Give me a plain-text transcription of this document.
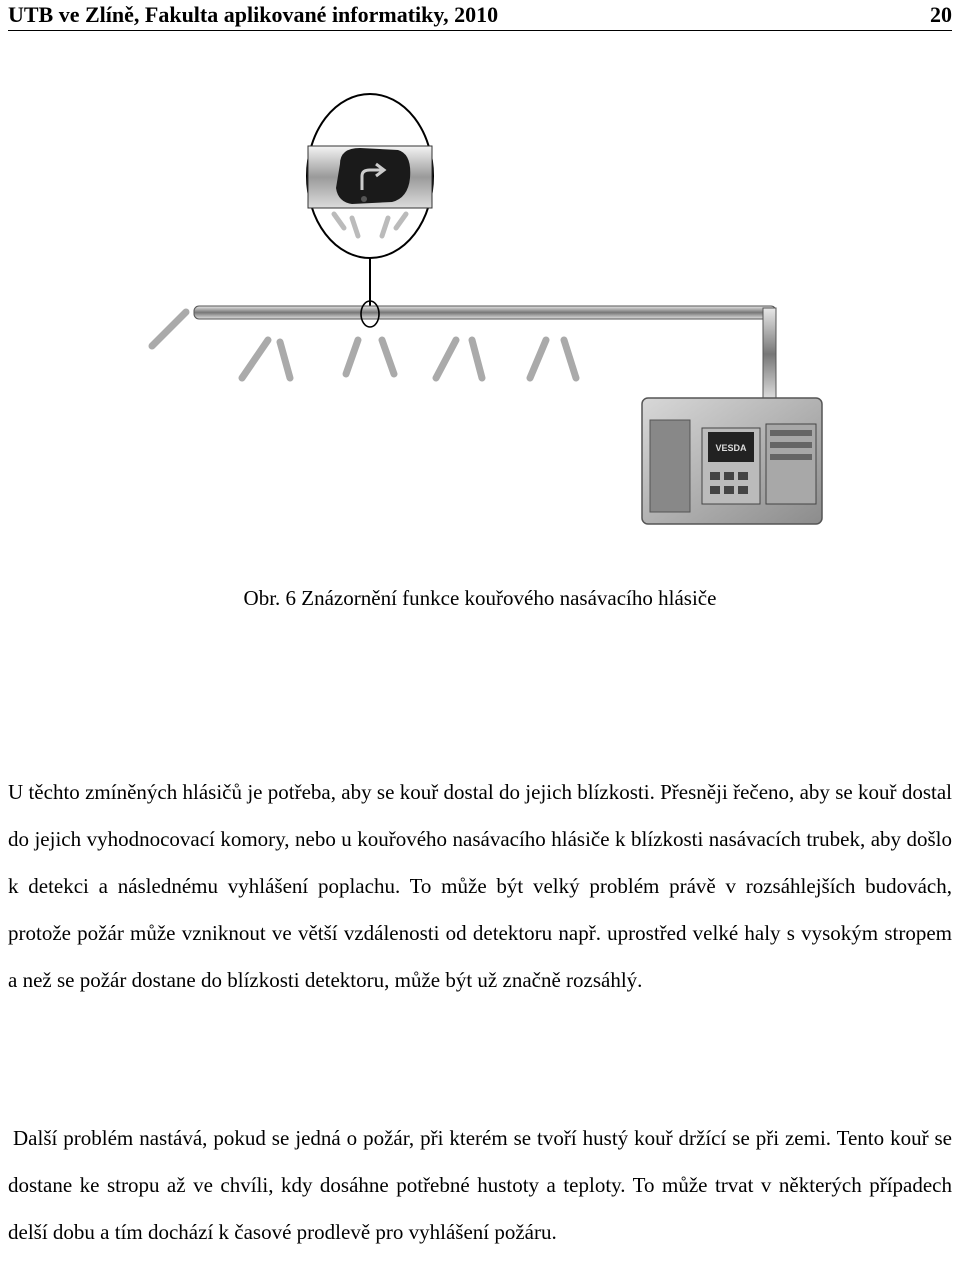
UTB ve Zlíně, Fakulta aplikované informatiky, 2010	20
VESDA
Obr. 6 Znázornění funkce kouřového nasávacího hlásiče

U těchto zmíněných hlásičů je potřeba, aby se kouř dostal do jejich blízkosti. Přesněji řečeno, aby se kouř dostal do jejich vyhodnocovací komory, nebo u kouřového nasávacího hlásiče k blízkosti nasávacích trubek, aby došlo k detekci a následnému vyhlášení poplachu. To může být velký problém právě v rozsáhlejších budovách, protože požár může vzniknout ve větší vzdálenosti od detektoru např. uprostřed velké haly s vysokým stropem a než se požár dostane do blízkosti detektoru, může být už značně rozsáhlý.

Další problém nastává, pokud se jedná o požár, při kterém se tvoří hustý kouř držící se při zemi. Tento kouř se dostane ke stropu až ve chvíli, kdy dosáhne potřebné hustoty a teploty. To může trvat v některých případech delší dobu a tím dochází k časové prodlevě pro vyhlášení požáru.
